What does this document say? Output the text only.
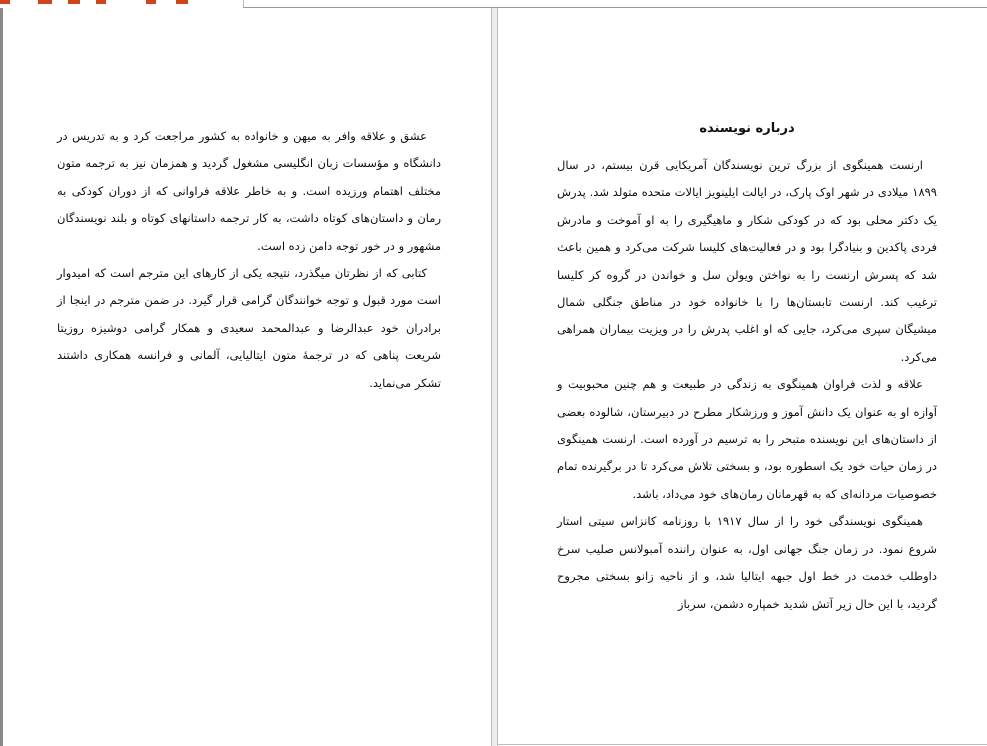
عشق و علاقه وافر به میهن و خانواده به کشور مراجعت کرد و به تدریس در دانشگاه و مؤسسات زبان انگلیسی مشغول گردید و همزمان نیز به ترجمه متون مختلف اهتمام ورزیده است. و به خاطر علاقه فراوانی که از دوران کودکی به رمان و داستان‌های کوتاه داشت، به کار ترجمه داستانهای کوتاه و بلند نویسندگان مشهور و در خور توجه دامن زده است.

کتابی که از نظرتان میگذرد، نتیجه یکی از کارهای این مترجم است که امیدوار است مورد قبول و توجه خوانندگان گرامی قرار گیرد. در ضمن مترجم در اینجا از برادران خود عبدالرضا و عبدالمحمد سعیدی و همکار گرامی دوشیزه روزیتا شریعت پناهی که در ترجمهٔ متون ایتالیایی، آلمانی و فرانسه همکاری داشتند تشکر می‌نماید.

درباره نویسنده

ارنست همینگوی از بزرگ ترین نویسندگان آمریکایی قرن بیستم، در سال ۱۸۹۹ میلادی در شهر اوک پارک، در ایالت ایلینویز ایالات متحده متولد شد. پدرش یک دکتر محلی بود که در کودکی شکار و ماهیگیری را به او آموخت و مادرش فردی پاکدین و بنیادگرا بود و در فعالیت‌های کلیسا شرکت می‌کرد و همین باعث شد که پسرش ارنست را به نواختن ویولن سل و خواندن در گروه کر کلیسا ترغیب کند. ارنست تابستان‌ها را با خانواده خود در مناطق جنگلی شمال میشیگان سپری می‌کرد، جایی که او اغلب پدرش را در ویزیت بیماران همراهی می‌کرد.

علاقه و لذت فراوان همینگوی به زندگی در طبیعت و هم چنین محبوبیت و آوازه او به عنوان یک دانش آموز و ورزشکار مطرح در دبیرستان، شالوده بعضی از داستان‌های این نویسنده متبحر را به ترسیم در آورده است. ارنست همینگوی در زمان حیات خود یک اسطوره بود، و بسختی تلاش می‌کرد تا در برگیرنده تمام خصوصیات مردانه‌ای که به قهرمانان رمان‌های خود می‌داد، باشد.

همینگوی نویسندگی خود را از سال ۱۹۱۷ با روزنامه کانزاس سیتی استار شروع نمود. در زمان جنگ جهانی اول، به عنوان راننده آمبولانس صلیب سرخ داوطلب خدمت در خط اول جبهه ایتالیا شد، و از ناحیه زانو بسختی مجروح گردید، با این حال زیر آتش شدید خمپاره دشمن، سرباز
